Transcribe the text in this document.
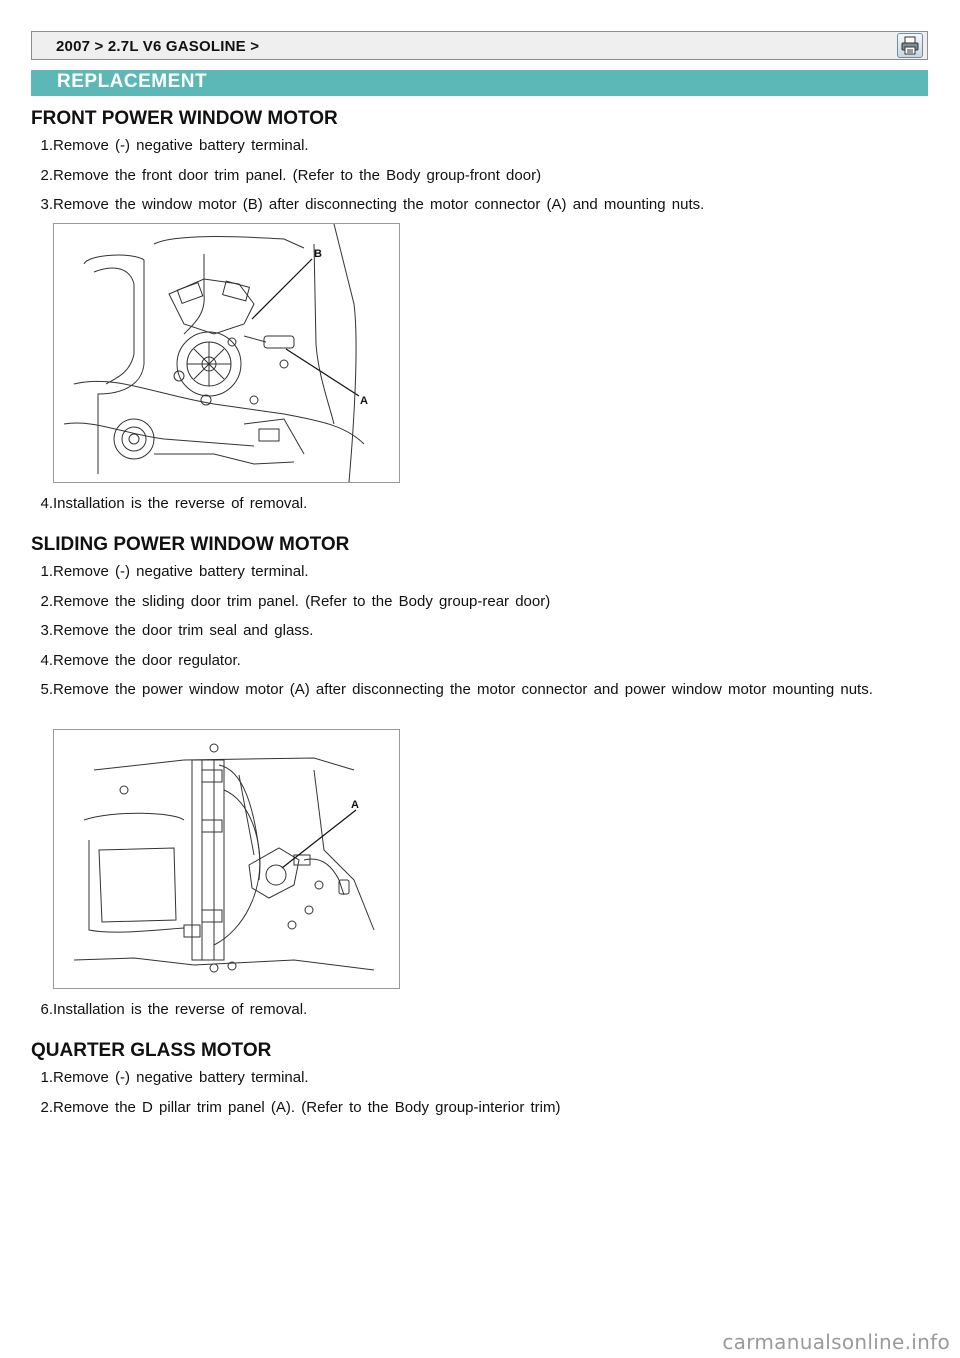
2007 > 2.7L V6 GASOLINE >
REPLACEMENT
FRONT POWER WINDOW MOTOR
1. Remove (-) negative battery terminal.
2. Remove the front door trim panel. (Refer to the Body group-front door)
3. Remove the window motor (B) after disconnecting the motor connector (A) and mounting nuts.
B
A
4. Installation is the reverse of removal.
SLIDING POWER WINDOW MOTOR
1. Remove (-) negative battery terminal.
2. Remove the sliding door trim panel. (Refer to the Body group-rear door)
3. Remove the door trim seal and glass.
4. Remove the door regulator.
5. Remove the power window motor (A) after disconnecting the motor connector and power window motor mounting nuts.
A
6. Installation is the reverse of removal.
QUARTER GLASS MOTOR
1. Remove (-) negative battery terminal.
2. Remove the D pillar trim panel (A). (Refer to the Body group-interior trim)
carmanualsonline.info
